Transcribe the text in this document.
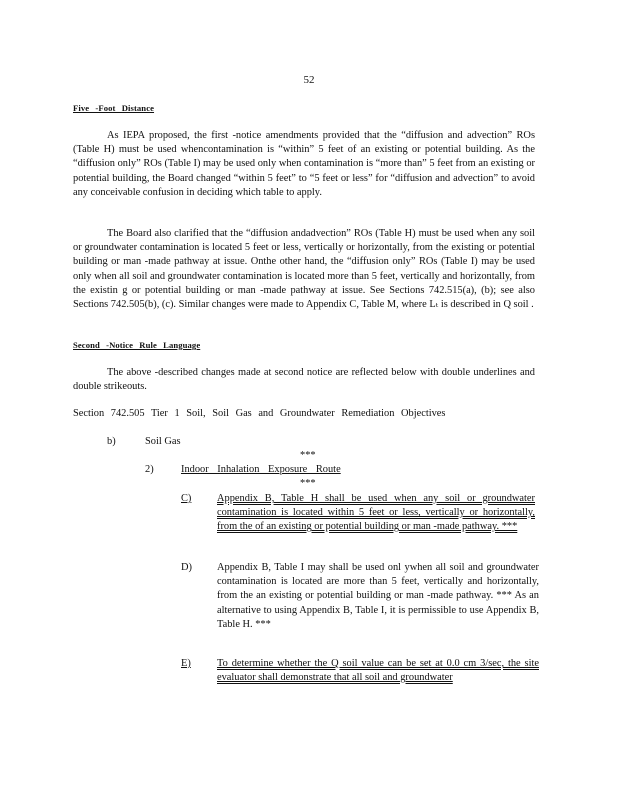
52
Five -Foot Distance
As IEPA proposed, the first -notice amendments provided that the “diffusion and advection” ROs (Table H) must be used whencontamination is “within” 5 feet of an existing or potential building. As the “diffusion only” ROs (Table I) may be used only when contamination is “more than” 5 feet from an existing or potential building, the Board changed “within 5 feet” to “5 feet or less” for “diffusion and advection” to avoid any conceivable confusion in deciding which table to apply.
The Board also clarified that the “diffusion andadvection” ROs (Table H) must be used when any soil or groundwater contamination is located 5 feet or less, vertically or horizontally, from the existing or potential building or man -made pathway at issue. Onthe other hand, the “diffusion only” ROs (Table I) may be used only when all soil and groundwater contamination is located more than 5 feet, vertically and horizontally, from the existin g or potential building or man -made pathway at issue. See Sections 742.515(a), (b); see also Sections 742.505(b), (c). Similar changes were made to Appendix C, Table M, where Lₜ is described in Q soil .
Second -Notice Rule Language
The above -described changes made at second notice are reflected below with double underlines and double strikeouts.
Section 742.505 Tier 1 Soil, Soil Gas and Groundwater Remediation Objectives
b)	Soil Gas
***
2)	Indoor Inhalation Exposure Route
***
C) Appendix B, Table H shall be used when any soil or groundwater contamination is located within 5 feet or less, vertically or horizontally, from the of an existing or potential building or man -made pathway. ***
D) Appendix B, Table I may shall be used onl ywhen all soil and groundwater contamination is located are more than 5 feet, vertically and horizontally, from the an existing or potential building or man -made pathway. *** As an alternative to using Appendix B, Table I, it is permissible to use Appendix B, Table H. ***
E)	To determine whether the Q soil value can be set at 0.0 cm 3/sec, the site evaluator shall demonstrate that all soil and groundwater
